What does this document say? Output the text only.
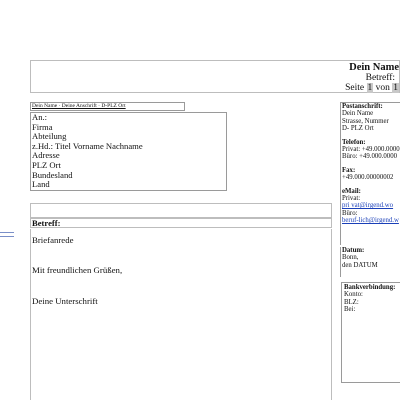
Dein Name
Betreff:
Seite 1 von 1
Dein Name · Deine Anschrift · D-PLZ Ort
An.:
Firma
Abteilung
z.Hd.: Titel Vorname Nachname
Adresse
PLZ Ort
Bundesland
Land
Betreff:
Briefanrede
Mit freundlichen Grüßen,
Deine Unterschrift
Postanschrift:
Dein Name
Strasse, Nummer
D- PLZ Ort
Telefon:
Privat: +49.000.0000
Büro: +49.000.0000
Fax:
+49.000.00000002
eMail:
Privat:
pri vat@irgend.wo
Büro:
beruf-lich@irgend.w
Datum:
Bonn,
den DATUM
Bankverbindung:
Konto:
BLZ:
Bei:
